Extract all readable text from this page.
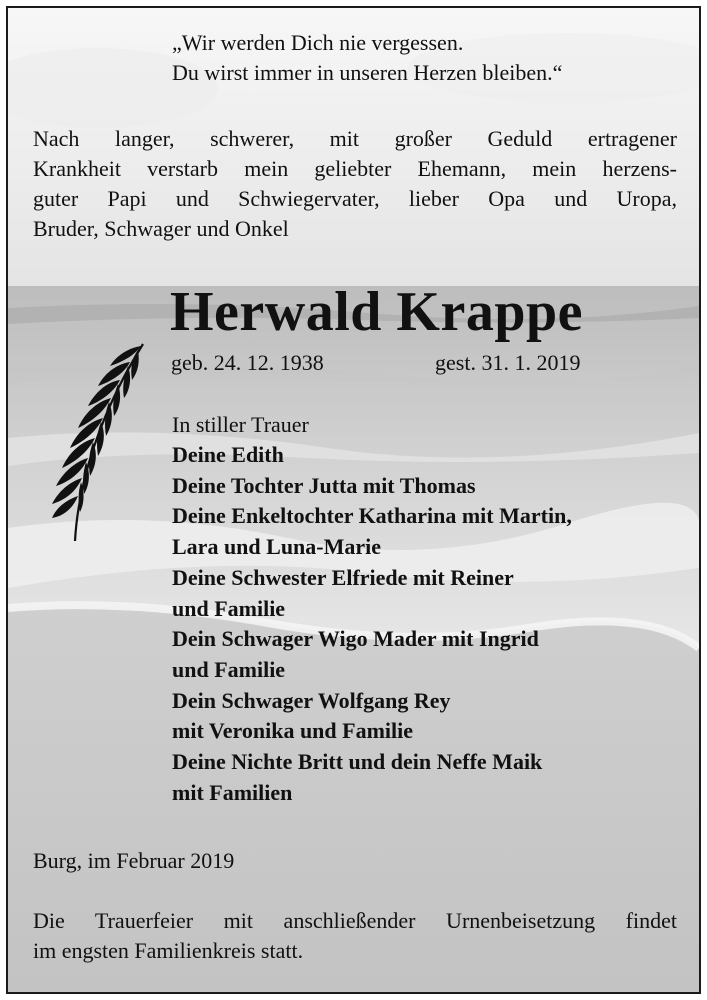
„Wir werden Dich nie vergessen.
Du wirst immer in unseren Herzen bleiben.“
Nach langer, schwerer, mit großer Geduld ertragener
Krankheit verstarb mein geliebter Ehemann, mein herzens-
guter Papi und Schwiegervater, lieber Opa und Uropa,
Bruder, Schwager und Onkel
Herwald Krappe
geb. 24. 12. 1938	gest. 31. 1. 2019
In stiller Trauer
Deine Edith
Deine Tochter Jutta mit Thomas
Deine Enkeltochter Katharina mit Martin,
Lara und Luna-Marie
Deine Schwester Elfriede mit Reiner
und Familie
Dein Schwager Wigo Mader mit Ingrid
und Familie
Dein Schwager Wolfgang Rey
mit Veronika und Familie
Deine Nichte Britt und dein Neffe Maik
mit Familien
Burg, im Februar 2019
Die Trauerfeier mit anschließender Urnenbeisetzung findet
im engsten Familienkreis statt.
